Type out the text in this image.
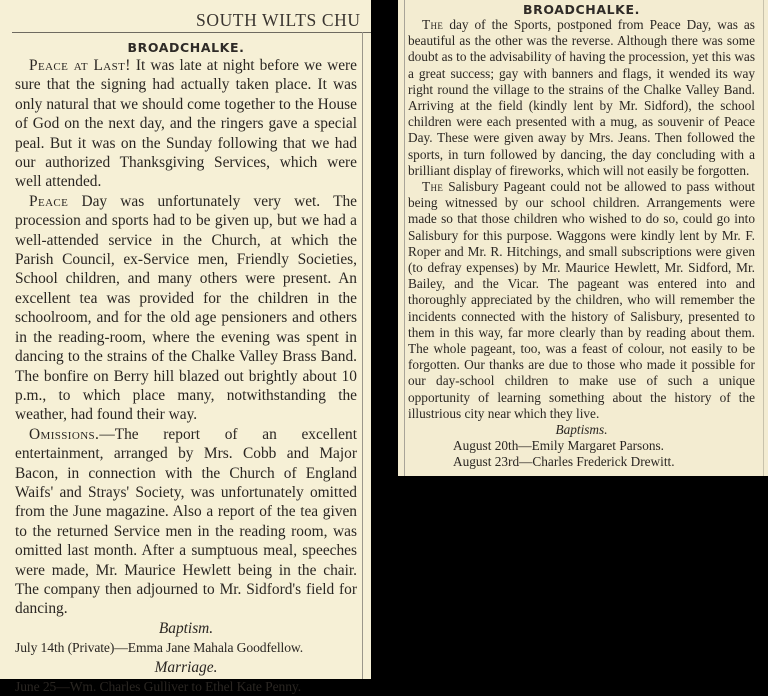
SOUTH WILTS CHU
BROADCHALKE.

Peace at Last! It was late at night before we were sure that the signing had actually taken place. It was only natural that we should come together to the House of God on the next day, and the ringers gave a special peal. But it was on the Sunday following that we had our authorized Thanksgiving Services, which were well attended.

Peace Day was unfortunately very wet. The procession and sports had to be given up, but we had a well-attended service in the Church, at which the Parish Council, ex-Service men, Friendly Societies, School children, and many others were present. An excellent tea was provided for the children in the schoolroom, and for the old age pensioners and others in the reading-room, where the evening was spent in dancing to the strains of the Chalke Valley Brass Band. The bonfire on Berry hill blazed out brightly about 10 p.m., to which place many, notwithstanding the weather, had found their way.

Omissions.—The report of an excellent entertainment, arranged by Mrs. Cobb and Major Bacon, in connection with the Church of England Waifs' and Strays' Society, was unfortunately omitted from the June magazine. Also a report of the tea given to the returned Service men in the reading room, was omitted last month. After a sumptuous meal, speeches were made, Mr. Maurice Hewlett being in the chair. The company then adjourned to Mr. Sidford's field for dancing.

Baptism.

July 14th (Private)—Emma Jane Mahala Goodfellow.

Marriage.

June 25—Wm. Charles Gulliver to Ethel Kate Penny.

BROADCHALKE.

The day of the Sports, postponed from Peace Day, was as beautiful as the other was the reverse. Although there was some doubt as to the advisability of having the procession, yet this was a great success; gay with banners and flags, it wended its way right round the village to the strains of the Chalke Valley Band. Arriving at the field (kindly lent by Mr. Sidford), the school children were each presented with a mug, as souvenir of Peace Day. These were given away by Mrs. Jeans. Then followed the sports, in turn followed by dancing, the day concluding with a brilliant display of fireworks, which will not easily be forgotten.

The Salisbury Pageant could not be allowed to pass without being witnessed by our school children. Arrangements were made so that those children who wished to do so, could go into Salisbury for this purpose. Waggons were kindly lent by Mr. F. Roper and Mr. R. Hitchings, and small subscriptions were given (to defray expenses) by Mr. Maurice Hewlett, Mr. Sidford, Mr. Bailey, and the Vicar. The pageant was entered into and thoroughly appreciated by the children, who will remember the incidents connected with the history of Salisbury, presented to them in this way, far more clearly than by reading about them. The whole pageant, too, was a feast of colour, not easily to be forgotten. Our thanks are due to those who made it possible for our day-school children to make use of such a unique opportunity of learning something about the history of the illustrious city near which they live.

Baptisms.

August 20th—Emily Margaret Parsons.

August 23rd—Charles Frederick Drewitt.
